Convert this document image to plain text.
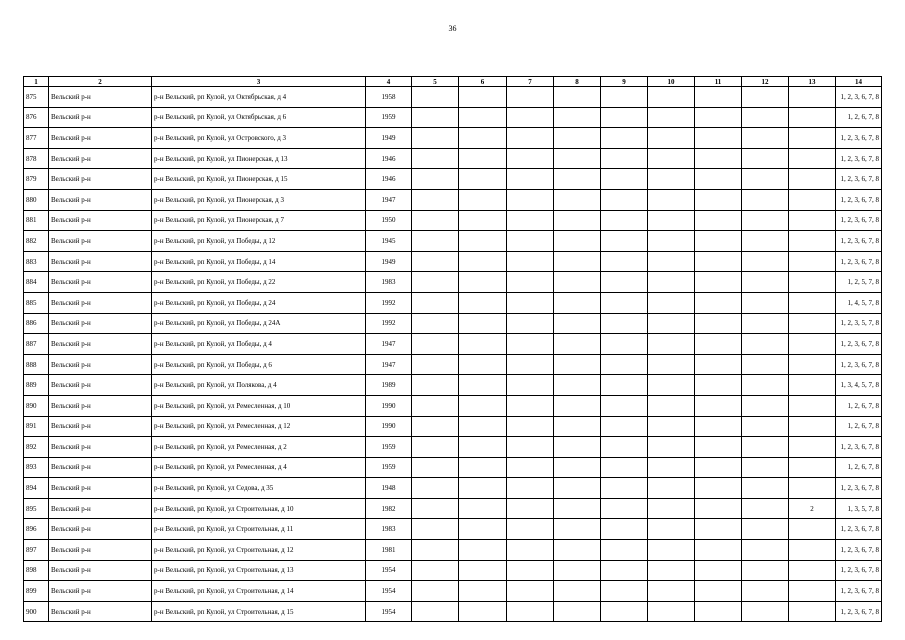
36
1	2	3	4	5	6	7	8	9	10	11	12	13	14
875	Вельский р-н	р-н Вельский, рп Кулой, ул Октябрьская, д 4	1958										1, 2, 3, 6, 7, 8
876	Вельский р-н	р-н Вельский, рп Кулой, ул Октябрьская, д 6	1959										1, 2, 6, 7, 8
877	Вельский р-н	р-н Вельский, рп Кулой, ул Островского, д 3	1949										1, 2, 3, 6, 7, 8
878	Вельский р-н	р-н Вельский, рп Кулой, ул Пионерская, д 13	1946										1, 2, 3, 6, 7, 8
879	Вельский р-н	р-н Вельский, рп Кулой, ул Пионерская, д 15	1946										1, 2, 3, 6, 7, 8
880	Вельский р-н	р-н Вельский, рп Кулой, ул Пионерская, д 3	1947										1, 2, 3, 6, 7, 8
881	Вельский р-н	р-н Вельский, рп Кулой, ул Пионерская, д 7	1950										1, 2, 3, 6, 7, 8
882	Вельский р-н	р-н Вельский, рп Кулой, ул Победы, д 12	1945										1, 2, 3, 6, 7, 8
883	Вельский р-н	р-н Вельский, рп Кулой, ул Победы, д 14	1949										1, 2, 3, 6, 7, 8
884	Вельский р-н	р-н Вельский, рп Кулой, ул Победы, д 22	1983										1, 2, 5, 7, 8
885	Вельский р-н	р-н Вельский, рп Кулой, ул Победы, д 24	1992										1, 4, 5, 7, 8
886	Вельский р-н	р-н Вельский, рп Кулой, ул Победы, д 24А	1992										1, 2, 3, 5, 7, 8
887	Вельский р-н	р-н Вельский, рп Кулой, ул Победы, д 4	1947										1, 2, 3, 6, 7, 8
888	Вельский р-н	р-н Вельский, рп Кулой, ул Победы, д 6	1947										1, 2, 3, 6, 7, 8
889	Вельский р-н	р-н Вельский, рп Кулой, ул Полякова, д 4	1989										1, 3, 4, 5, 7, 8
890	Вельский р-н	р-н Вельский, рп Кулой, ул Ремесленная, д 10	1990										1, 2, 6, 7, 8
891	Вельский р-н	р-н Вельский, рп Кулой, ул Ремесленная, д 12	1990										1, 2, 6, 7, 8
892	Вельский р-н	р-н Вельский, рп Кулой, ул Ремесленная, д 2	1959										1, 2, 3, 6, 7, 8
893	Вельский р-н	р-н Вельский, рп Кулой, ул Ремесленная, д 4	1959										1, 2, 6, 7, 8
894	Вельский р-н	р-н Вельский, рп Кулой, ул Седова, д 35	1948										1, 2, 3, 6, 7, 8
895	Вельский р-н	р-н Вельский, рп Кулой, ул Строительная, д 10	1982									2	1, 3, 5, 7, 8
896	Вельский р-н	р-н Вельский, рп Кулой, ул Строительная, д 11	1983										1, 2, 3, 6, 7, 8
897	Вельский р-н	р-н Вельский, рп Кулой, ул Строительная, д 12	1981										1, 2, 3, 6, 7, 8
898	Вельский р-н	р-н Вельский, рп Кулой, ул Строительная, д 13	1954										1, 2, 3, 6, 7, 8
899	Вельский р-н	р-н Вельский, рп Кулой, ул Строительная, д 14	1954										1, 2, 3, 6, 7, 8
900	Вельский р-н	р-н Вельский, рп Кулой, ул Строительная, д 15	1954										1, 2, 3, 6, 7, 8
